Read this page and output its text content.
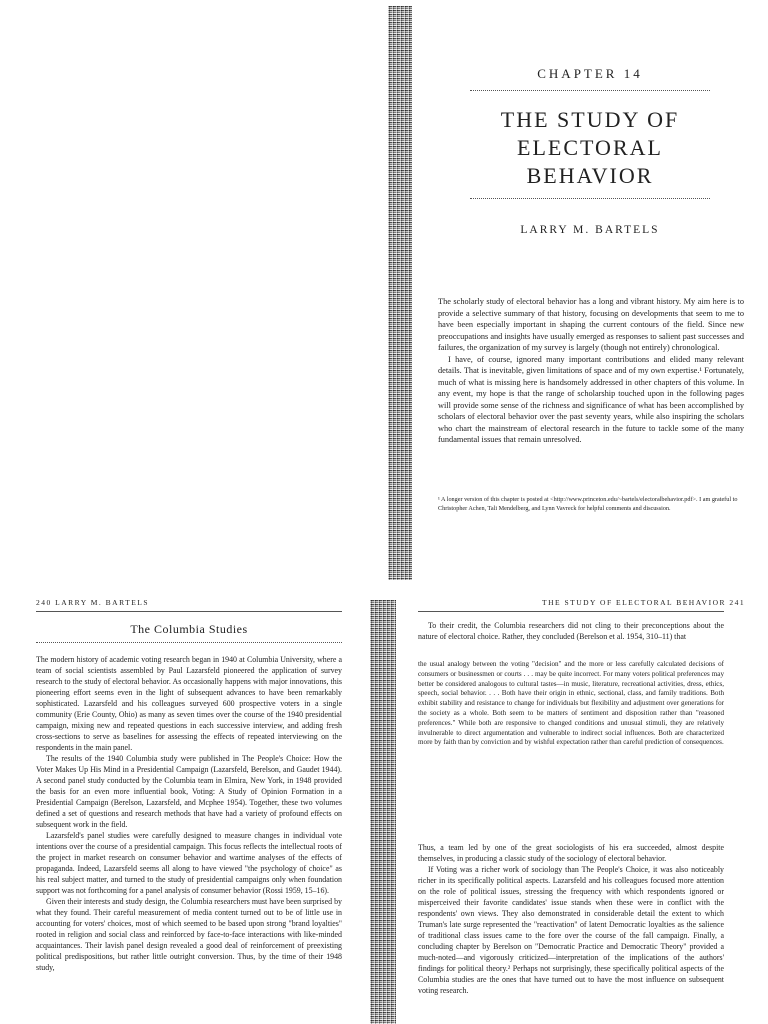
CHAPTER 14
THE STUDY OF
ELECTORAL
BEHAVIOR
LARRY M. BARTELS

The scholarly study of electoral behavior has a long and vibrant history. My aim here is to provide a selective summary of that history, focusing on developments that seem to me to have been especially important in shaping the current contours of the field. Since new preoccupations and insights have usually emerged as responses to salient past successes and failures, the organization of my survey is largely (though not entirely) chronological.

I have, of course, ignored many important contributions and elided many relevant details. That is inevitable, given limitations of space and of my own expertise.¹ Fortunately, much of what is missing here is handsomely addressed in other chapters of this volume. In any event, my hope is that the range of scholarship touched upon in the following pages will provide some sense of the richness and significance of what has been accomplished by scholars of electoral behavior over the past seventy years, while also inspiring the scholars who chart the mainstream of electoral research in the future to tackle some of the many fundamental issues that remain unresolved.

¹ A longer version of this chapter is posted at <http://www.princeton.edu/~bartels/electoralbehavior.pdf>. I am grateful to Christopher Achen, Tali Mendelberg, and Lynn Vavreck for helpful comments and discussion.
240 LARRY M. BARTELS
The Columbia Studies

The modern history of academic voting research began in 1940 at Columbia University, where a team of social scientists assembled by Paul Lazarsfeld pioneered the application of survey research to the study of electoral behavior. As occasionally happens with major innovations, this pioneering effort seems even in the light of subsequent advances to have been remarkably sophisticated. Lazarsfeld and his colleagues surveyed 600 prospective voters in a single community (Erie County, Ohio) as many as seven times over the course of the 1940 presidential campaign, mixing new and repeated questions in each successive interview, and adding fresh cross-sections to serve as baselines for assessing the effects of repeated interviewing on the respondents in the main panel.

The results of the 1940 Columbia study were published in The People's Choice: How the Voter Makes Up His Mind in a Presidential Campaign (Lazarsfeld, Berelson, and Gaudet 1944). A second panel study conducted by the Columbia team in Elmira, New York, in 1948 provided the basis for an even more influential book, Voting: A Study of Opinion Formation in a Presidential Campaign (Berelson, Lazarsfeld, and Mcphee 1954). Together, these two volumes defined a set of questions and research methods that have had a variety of profound effects on subsequent work in the field.

Lazarsfeld's panel studies were carefully designed to measure changes in individual vote intentions over the course of a presidential campaign. This focus reflects the intellectual roots of the project in market research on consumer behavior and wartime analyses of the effects of propaganda. Indeed, Lazarsfeld seems all along to have viewed "the psychology of choice" as his real subject matter, and turned to the study of presidential campaigns only when foundation support was not forthcoming for a panel analysis of consumer behavior (Rossi 1959, 15–16).

Given their interests and study design, the Columbia researchers must have been surprised by what they found. Their careful measurement of media content turned out to be of little use in accounting for voters' choices, most of which seemed to be based upon strong "brand loyalties" rooted in religion and social class and reinforced by face-to-face interactions with like-minded acquaintances. Their lavish panel design revealed a good deal of reinforcement of preexisting political predispositions, but rather little outright conversion. Thus, by the time of their 1948 study,

THE STUDY OF ELECTORAL BEHAVIOR 241

To their credit, the Columbia researchers did not cling to their preconceptions about the nature of electoral choice. Rather, they concluded (Berelson et al. 1954, 310–11) that

the usual analogy between the voting "decision" and the more or less carefully calculated decisions of consumers or businessmen or courts . . . may be quite incorrect. For many voters political preferences may better be considered analogous to cultural tastes—in music, literature, recreational activities, dress, ethics, speech, social behavior. . . . Both have their origin in ethnic, sectional, class, and family traditions. Both exhibit stability and resistance to change for individuals but flexibility and adjustment over generations for the society as a whole. Both seem to be matters of sentiment and disposition rather than "reasoned preferences." While both are responsive to changed conditions and unusual stimuli, they are relatively invulnerable to direct argumentation and vulnerable to indirect social influences. Both are characterized more by faith than by conviction and by wishful expectation rather than careful prediction of consequences.

Thus, a team led by one of the great sociologists of his era succeeded, almost despite themselves, in producing a classic study of the sociology of electoral behavior.

If Voting was a richer work of sociology than The People's Choice, it was also noticeably richer in its specifically political aspects. Lazarsfeld and his colleagues focused more attention on the role of political issues, stressing the frequency with which respondents ignored or misperceived their favorite candidates' issue stands when these were in conflict with the respondents' own views. They also demonstrated in considerable detail the extent to which Truman's late surge represented the "reactivation" of latent Democratic loyalties as the salience of traditional class issues came to the fore over the course of the fall campaign. Finally, a concluding chapter by Berelson on "Democratic Practice and Democratic Theory" provided a much-noted—and vigorously criticized—interpretation of the implications of the authors' findings for political theory.² Perhaps not surprisingly, these specifically political aspects of the Columbia studies are the ones that have turned out to have the most influence on subsequent voting research.
